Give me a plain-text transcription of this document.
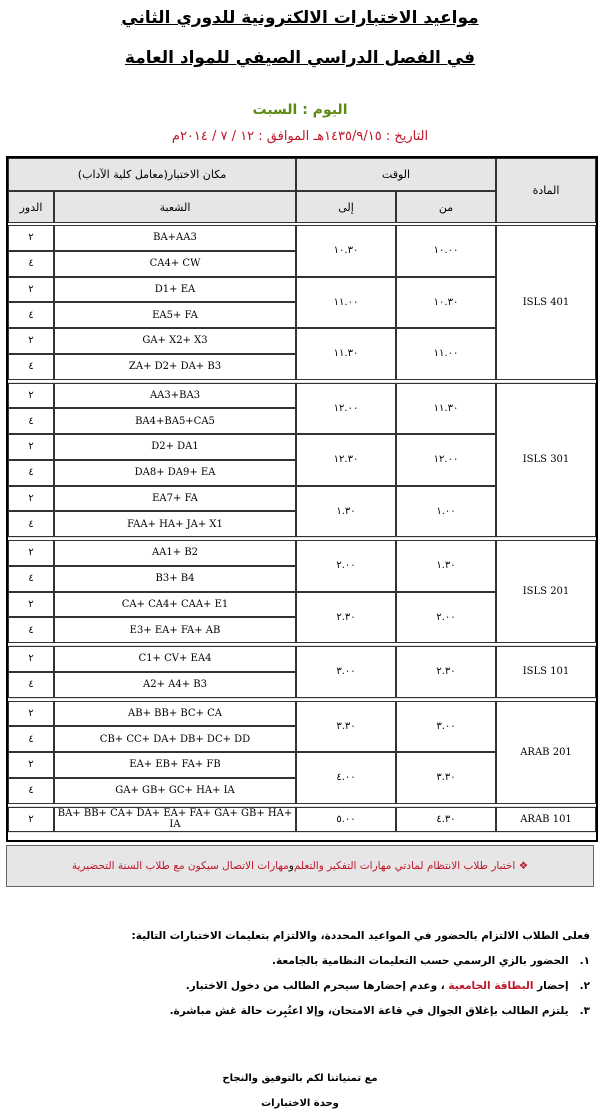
مواعيد الاختبارات الالكترونية للدوري الثاني
في الفصل الدراسي الصيفي للمواد العامة
اليوم : السبت
التاريخ : ١٤٣٥/٩/١٥هـ الموافق : ١٢ / ٧ / ٢٠١٤م
المادة
الوقت
من
إلى
مكان الاختبار(معامل كلية الآداب)
الشعبة
الدور
ISLS 401
١٠.٠٠
١٠.٣٠
BA+AA3
٢
CA4+ CW
٤
١٠.٣٠
١١.٠٠
D1+ EA
٢
EA5+ FA
٤
١١.٠٠
١١.٣٠
GA+ X2+ X3
٢
ZA+ D2+ DA+ B3
٤
ISLS 301
١١.٣٠
١٢.٠٠
AA3+BA3
٢
BA4+BA5+CA5
٤
١٢.٠٠
١٢.٣٠
D2+ DA1
٢
DA8+ DA9+ EA
٤
١.٠٠
١.٣٠
EA7+ FA
٢
FAA+ HA+ JA+ X1
٤
ISLS 201
١.٣٠
٢.٠٠
AA1+ B2
٢
B3+ B4
٤
٢.٠٠
٢.٣٠
CA+ CA4+ CAA+ E1
٢
E3+ EA+ FA+ AB
٤
ISLS 101
٢.٣٠
٣.٠٠
C1+ CV+ EA4
٢
A2+ A4+ B3
٤
ARAB 201
٣.٠٠
٣.٣٠
AB+ BB+ BC+ CA
٢
CB+ CC+ DA+ DB+ DC+ DD
٤
٣.٣٠
٤.٠٠
EA+ EB+ FA+ FB
٢
GA+ GB+ GC+ HA+ IA
٤
ARAB 101
٤.٣٠
٥.٠٠
BA+ BB+ CA+ DA+ EA+ FA+ GA+ GB+ HA+ IA
٢
❖

اختبار طلاب الانتظام لمادتي مهارات التفكير والتعلم
و
مهارات الاتصال سيكون مع طلاب السنة التحضيرية
فعلى الطلاب الالتزام بالحضور في المواعيد المحددة، والالتزام بتعليمات الاختبارات التالية:
١.   الحضور بالزي الرسمي حسب التعليمات النظامية بالجامعة.
٢.   إحضار البطاقة الجامعية ، وعدم إحضارها سيحرم الطالب من دخول الاختبار.
٣.   يلتزم الطالب بإغلاق الجوال في قاعة الامتحان، وإلا اعتُبِرت حالة غش مباشرة.
مع تمنياتنا لكم بالتوفيق والنجاح
وحدة الاختبارات
